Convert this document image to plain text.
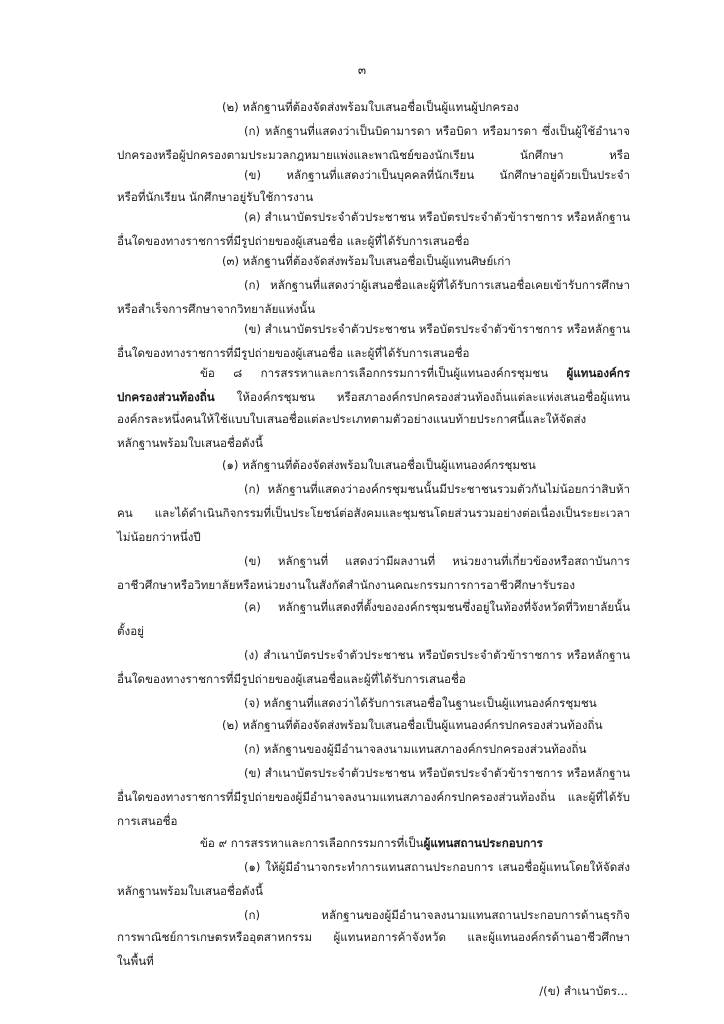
๓
(๒) หลักฐานที่ต้องจัดส่งพร้อมใบเสนอชื่อเป็นผู้แทนผู้ปกครอง
(ก) หลักฐานที่แสดงว่าเป็นบิดามารดา หรือบิดา หรือมารดา ซึ่งเป็นผู้ใช้อำนาจ
ปกครองหรือผู้ปกครองตามประมวลกฎหมายแพ่งและพาณิชย์ของนักเรียน นักศึกษา หรือ
(ข) หลักฐานที่แสดงว่าเป็นบุคคลที่นักเรียน นักศึกษาอยู่ด้วยเป็นประจำ
หรือที่นักเรียน นักศึกษาอยู่รับใช้การงาน
(ค) สำเนาบัตรประจำตัวประชาชน หรือบัตรประจำตัวข้าราชการ หรือหลักฐาน
อื่นใดของทางราชการที่มีรูปถ่ายของผู้เสนอชื่อ และผู้ที่ได้รับการเสนอชื่อ
(๓) หลักฐานที่ต้องจัดส่งพร้อมใบเสนอชื่อเป็นผู้แทนศิษย์เก่า
(ก) หลักฐานที่แสดงว่าผู้เสนอชื่อและผู้ที่ได้รับการเสนอชื่อเคยเข้ารับการศึกษา
หรือสำเร็จการศึกษาจากวิทยาลัยแห่งนั้น
(ข) สำเนาบัตรประจำตัวประชาชน หรือบัตรประจำตัวข้าราชการ หรือหลักฐาน
อื่นใดของทางราชการที่มีรูปถ่ายของผู้เสนอชื่อ และผู้ที่ได้รับการเสนอชื่อ
ข้อ ๘ การสรรหาและการเลือกกรรมการที่เป็นผู้แทนองค์กรชุมชน ผู้แทนองค์กร
ปกครองส่วนท้องถิ่น ให้องค์กรชุมชน หรือสภาองค์กรปกครองส่วนท้องถิ่นแต่ละแห่งเสนอชื่อผู้แทน
องค์กรละหนึ่งคนให้ใช้แบบใบเสนอชื่อแต่ละประเภทตามตัวอย่างแนบท้ายประกาศนี้และให้จัดส่ง
หลักฐานพร้อมใบเสนอชื่อดังนี้
(๑) หลักฐานที่ต้องจัดส่งพร้อมใบเสนอชื่อเป็นผู้แทนองค์กรชุมชน
(ก) หลักฐานที่แสดงว่าองค์กรชุมชนนั้นมีประชาชนรวมตัวกันไม่น้อยกว่าสิบห้า
คน และได้ดำเนินกิจกรรมที่เป็นประโยชน์ต่อสังคมและชุมชนโดยส่วนรวมอย่างต่อเนื่องเป็นระยะเวลา
ไม่น้อยกว่าหนึ่งปี
(ข) หลักฐานที่ แสดงว่ามีผลงานที่ หน่วยงานที่เกี่ยวข้องหรือสถาบันการ
อาชีวศึกษาหรือวิทยาลัยหรือหน่วยงานในสังกัดสำนักงานคณะกรรมการการอาชีวศึกษารับรอง
(ค) หลักฐานที่แสดงที่ตั้งขององค์กรชุมชนซึ่งอยู่ในท้องที่จังหวัดที่วิทยาลัยนั้น
ตั้งอยู่
(ง) สำเนาบัตรประจำตัวประชาชน หรือบัตรประจำตัวข้าราชการ หรือหลักฐาน
อื่นใดของทางราชการที่มีรูปถ่ายของผู้เสนอชื่อและผู้ที่ได้รับการเสนอชื่อ
(จ) หลักฐานที่แสดงว่าได้รับการเสนอชื่อในฐานะเป็นผู้แทนองค์กรชุมชน
(๒) หลักฐานที่ต้องจัดส่งพร้อมใบเสนอชื่อเป็นผู้แทนองค์กรปกครองส่วนท้องถิ่น
(ก) หลักฐานของผู้มีอำนาจลงนามแทนสภาองค์กรปกครองส่วนท้องถิ่น
(ข) สำเนาบัตรประจำตัวประชาชน หรือบัตรประจำตัวข้าราชการ หรือหลักฐาน
อื่นใดของทางราชการที่มีรูปถ่ายของผู้มีอำนาจลงนามแทนสภาองค์กรปกครองส่วนท้องถิ่น และผู้ที่ได้รับ
การเสนอชื่อ
ข้อ ๙ การสรรหาและการเลือกกรรมการที่เป็นผู้แทนสถานประกอบการ
(๑) ให้ผู้มีอำนาจกระทำการแทนสถานประกอบการ เสนอชื่อผู้แทนโดยให้จัดส่ง
หลักฐานพร้อมใบเสนอชื่อดังนี้
(ก) หลักฐานของผู้มีอำนาจลงนามแทนสถานประกอบการด้านธุรกิจ
การพาณิชย์การเกษตรหรืออุตสาหกรรม ผู้แทนหอการค้าจังหวัด และผู้แทนองค์กรด้านอาชีวศึกษา
ในพื้นที่
/(ข) สำเนาบัตร...
